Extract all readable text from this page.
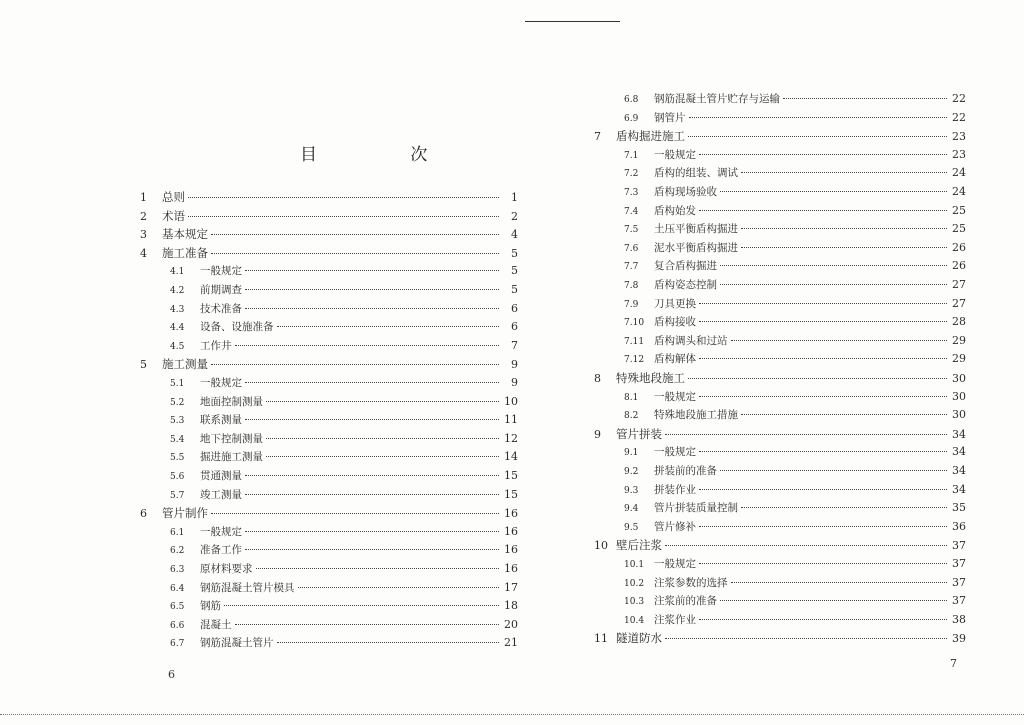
目 次
1	总则	1
2	术语	2
3	基本规定	4
4	施工准备	5
4.1	一般规定	5
4.2	前期调查	5
4.3	技术准备	6
4.4	设备、设施准备	6
4.5	工作井	7
5	施工测量	9
5.1	一般规定	9
5.2	地面控制测量	10
5.3	联系测量	11
5.4	地下控制测量	12
5.5	掘进施工测量	14
5.6	贯通测量	15
5.7	竣工测量	15
6	管片制作	16
6.1	一般规定	16
6.2	准备工作	16
6.3	原材料要求	16
6.4	钢筋混凝土管片模具	17
6.5	钢筋	18
6.6	混凝土	20
6.7	钢筋混凝土管片	21
6.8	钢筋混凝土管片贮存与运输	22
6.9	钢管片	22
7	盾构掘进施工	23
7.1	一般规定	23
7.2	盾构的组装、调试	24
7.3	盾构现场验收	24
7.4	盾构始发	25
7.5	土压平衡盾构掘进	25
7.6	泥水平衡盾构掘进	26
7.7	复合盾构掘进	26
7.8	盾构姿态控制	27
7.9	刀具更换	27
7.10 盾构接收	28
7.11 盾构调头和过站	29
7.12 盾构解体	29
8	特殊地段施工	30
8.1	一般规定	30
8.2	特殊地段施工措施	30
9	管片拼装	34
9.1	一般规定	34
9.2	拼装前的准备	34
9.3	拼装作业	34
9.4	管片拼装质量控制	35
9.5	管片修补	36
10 壁后注浆	37
10.1 一般规定	37
10.2 注浆参数的选择	37
10.3 注浆前的准备	37
10.4 注浆作业	38
11 隧道防水	39
6
7
